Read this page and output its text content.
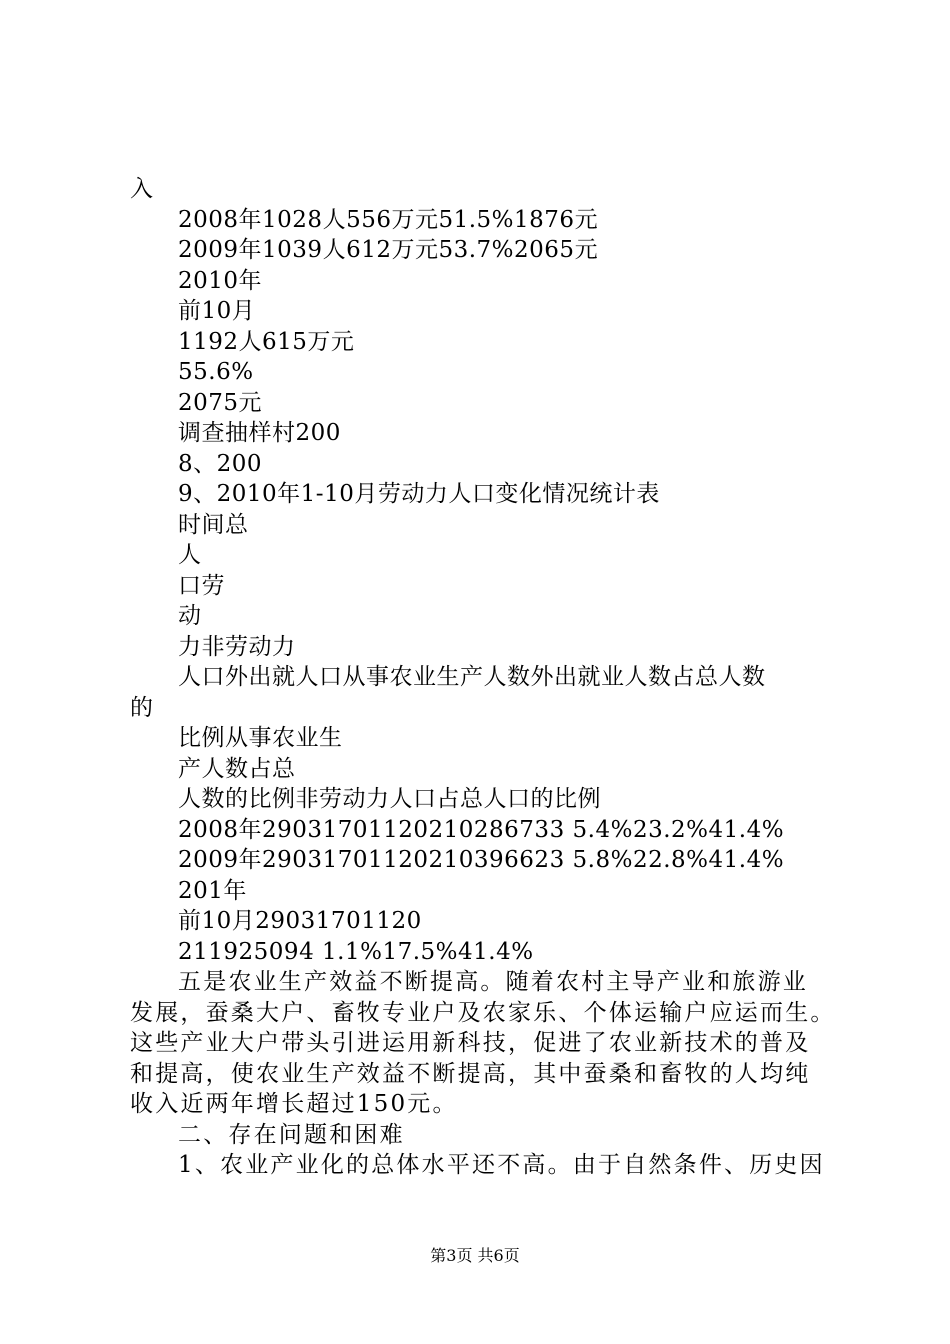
入
2008年1028人556万元51.5%1876元
2009年1039人612万元53.7%2065元
2010年
前10月
1192人615万元
55.6%
2075元
调查抽样村200
8、200
9、2010年1-10月劳动力人口变化情况统计表
时间总
人
口劳
动
力非劳动力
人口外出就人口从事农业生产人数外出就业人数占总人数
的
比例从事农业生
产人数占总
人数的比例非劳动力人口占总人口的比例
2008年29031701120210286733 5.4%23.2%41.4%
2009年29031701120210396623 5.8%22.8%41.4%
201年
前10月29031701120
211925094 1.1%17.5%41.4%
五是农业生产效益不断提高。随着农村主导产业和旅游业
发展，蚕桑大户、畜牧专业户及农家乐、个体运输户应运而生。
这些产业大户带头引进运用新科技，促进了农业新技术的普及
和提高，使农业生产效益不断提高，其中蚕桑和畜牧的人均纯
收入近两年增长超过150元。
二、存在问题和困难
1、农业产业化的总体水平还不高。由于自然条件、历史因
第3页 共6页
